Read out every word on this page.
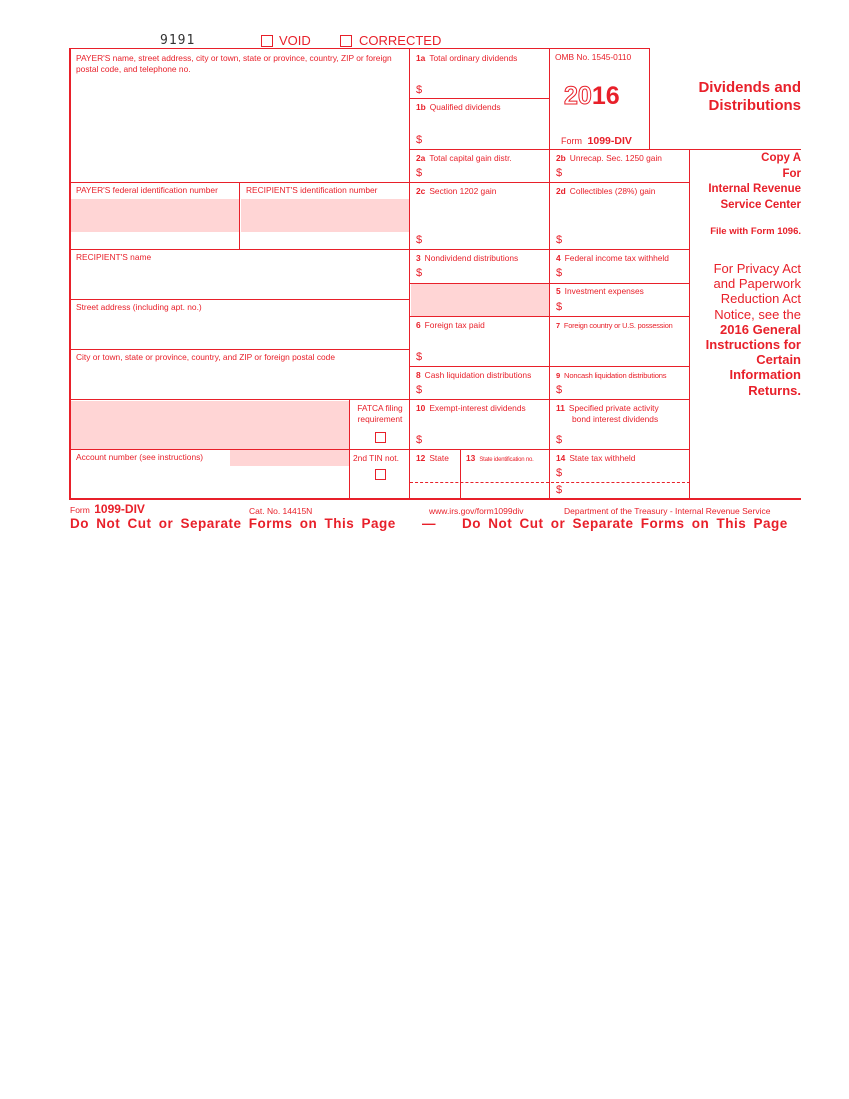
9191	VOID	CORRECTED
PAYER'S name, street address, city or town, state or province, country, ZIP or foreign postal code, and telephone no.
PAYER'S federal identification number	RECIPIENT'S identification number
RECIPIENT'S name
Street address (including apt. no.)
City or town, state or province, country, and ZIP or foreign postal code
FATCA filing requirement
Account number (see instructions)	2nd TIN not.
1a Total ordinary dividends
$
1b Qualified dividends
$
2a Total capital gain distr.
$
2b Unrecap. Sec. 1250 gain
$
2c Section 1202 gain
$
2d Collectibles (28%) gain
$
3 Nondividend distributions
$
4 Federal income tax withheld
$
5 Investment expenses
$
6 Foreign tax paid
$
7 Foreign country or U.S. possession
8 Cash liquidation distributions
$
9 Noncash liquidation distributions
$
10 Exempt-interest dividends
$
11 Specified private activity
bond interest dividends
$
12 State 13 State identification no.	14 State tax withheld
$
$
OMB No. 1545-0110
2016
Form 1099-DIV
Dividends and
Distributions
Copy A
For
Internal Revenue
Service Center
File with Form 1096.
For Privacy Act
and Paperwork
Reduction Act
Notice, see the
2016 General
Instructions for
Certain
Information
Returns.
Form 1099-DIV	Cat. No. 14415N	www.irs.gov/form1099div	Department of the Treasury - Internal Revenue Service
Do Not Cut or Separate Forms on This Page — Do Not Cut or Separate Forms on This Page
